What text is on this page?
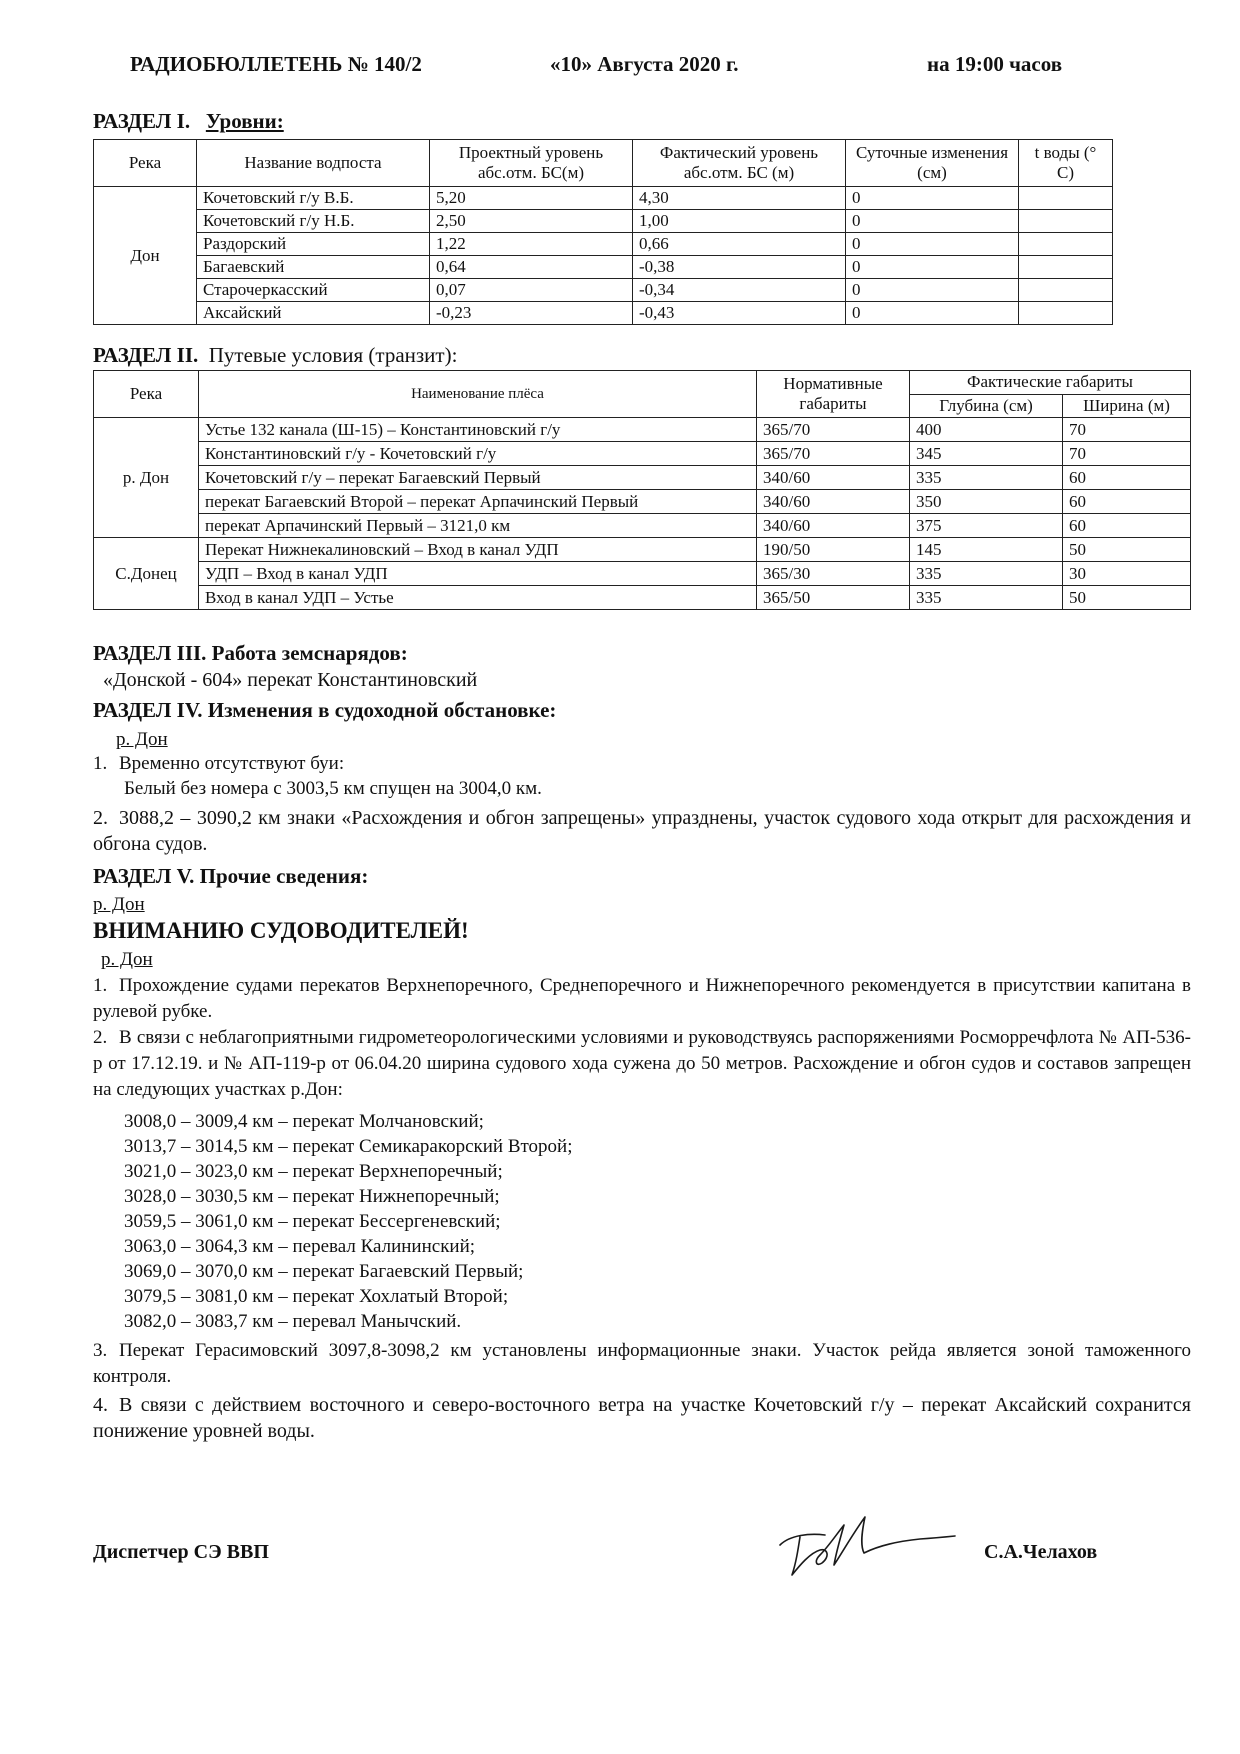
РАДИОБЮЛЛЕТЕНЬ № 140/2	«10» Августа 2020 г.	на 19:00 часов
РАЗДЕЛ I. Уровни:
Река	Название водпоста	Проектный уровень абс.отм. БС(м)	Фактический уровень абс.отм. БС (м)	Суточные изменения (см)	t воды (° С)
Дон	Кочетовский г/у В.Б.	5,20	4,30	0	
	Кочетовский г/у Н.Б.	2,50	1,00	0	
	Раздорский	1,22	0,66	0	
	Багаевский	0,64	-0,38	0	
	Старочеркасский	0,07	-0,34	0	
	Аксайский	-0,23	-0,43	0	
РАЗДЕЛ II. Путевые условия (транзит):
Река	Наименование плёса	Нормативные габариты	Фактические габариты	
			Глубина (см)	Ширина (м)
р. Дон	Устье 132 канала (Ш-15) – Константиновский г/у	365/70	400	70
	Константиновский г/у - Кочетовский г/у	365/70	345	70
	Кочетовский г/у – перекат Багаевский Первый	340/60	335	60
	перекат Багаевский Второй – перекат Арпачинский Первый	340/60	350	60
	перекат Арпачинский Первый – 3121,0 км	340/60	375	60
С.Донец	Перекат Нижнекалиновский – Вход в канал УДП	190/50	145	50
	УДП – Вход в канал УДП	365/30	335	30
	Вход в канал УДП – Устье	365/50	335	50
РАЗДЕЛ III. Работа земснарядов:
«Донской - 604» перекат Константиновский
РАЗДЕЛ IV. Изменения в судоходной обстановке:
р. Дон
1. Временно отсутствуют буи:
Белый без номера с 3003,5 км спущен на 3004,0 км.
2. 3088,2 – 3090,2 км знаки «Расхождения и обгон запрещены» упразднены, участок судового хода открыт для расхождения и обгона судов.
РАЗДЕЛ V. Прочие сведения:
р. Дон
ВНИМАНИЮ СУДОВОДИТЕЛЕЙ!
р. Дон
1. Прохождение судами перекатов Верхнепоречного, Среднепоречного и Нижнепоречного рекомендуется в присутствии капитана в рулевой рубке.
2. В связи с неблагоприятными гидрометеорологическими условиями и руководствуясь распоряжениями Росморречфлота № АП-536-р от 17.12.19. и № АП-119-р от 06.04.20 ширина судового хода сужена до 50 метров. Расхождение и обгон судов и составов запрещен на следующих участках р.Дон:
3008,0 – 3009,4 км – перекат Молчановский;
3013,7 – 3014,5 км – перекат Семикаракорский Второй;
3021,0 – 3023,0 км – перекат Верхнепоречный;
3028,0 – 3030,5 км – перекат Нижнепоречный;
3059,5 – 3061,0 км – перекат Бессергеневский;
3063,0 – 3064,3 км – перевал Калининский;
3069,0 – 3070,0 км – перекат Багаевский Первый;
3079,5 – 3081,0 км – перекат Хохлатый Второй;
3082,0 – 3083,7 км – перевал Манычский.
3. Перекат Герасимовский 3097,8-3098,2 км установлены информационные знаки. Участок рейда является зоной таможенного контроля.
4. В связи с действием восточного и северо-восточного ветра на участке Кочетовский г/у – перекат Аксайский сохранится понижение уровней воды.
Диспетчер СЭ ВВП	С.А.Челахов
